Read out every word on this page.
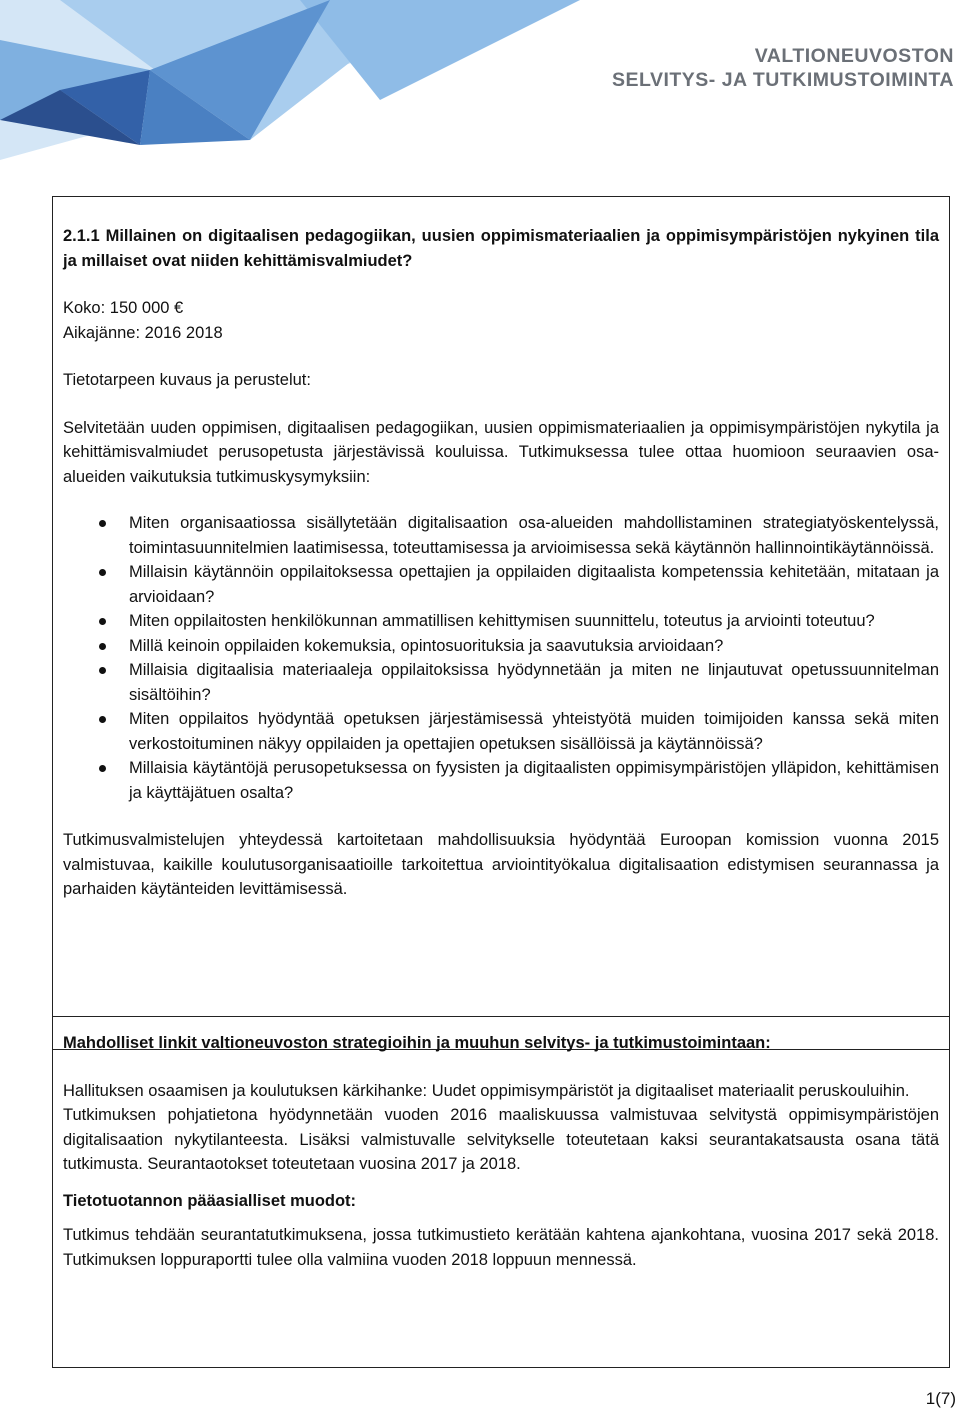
VALTIONEUVOSTON
SELVITYS- JA TUTKIMUSTOIMINTA
2.1.1 Millainen on digitaalisen pedagogiikan, uusien oppimismateriaalien ja oppimisympäristöjen nykyinen tila ja millaiset ovat niiden kehittämisvalmiudet?
Koko: 150 000 €
Aikajänne: 2016 2018
Tietotarpeen kuvaus ja perustelut:
Selvitetään uuden oppimisen, digitaalisen pedagogiikan, uusien oppimismateriaalien ja oppimisympäristöjen nykytila ja kehittämisvalmiudet perusopetusta järjestävissä kouluissa. Tutkimuksessa tulee ottaa huomioon seuraavien osa-alueiden vaikutuksia tutkimuskysymyksiin:
Miten organisaatiossa sisällytetään digitalisaation osa-alueiden mahdollistaminen strategiatyöskentelyssä, toimintasuunnitelmien laatimisessa, toteuttamisessa ja arvioimisessa sekä käytännön hallinnointikäytännöissä.
Millaisin käytännöin oppilaitoksessa opettajien ja oppilaiden digitaalista kompetenssia kehitetään, mitataan ja arvioidaan?
Miten oppilaitosten henkilökunnan ammatillisen kehittymisen suunnittelu, toteutus ja arviointi toteutuu?
Millä keinoin oppilaiden kokemuksia, opintosuorituksia ja saavutuksia arvioidaan?
Millaisia digitaalisia materiaaleja oppilaitoksissa hyödynnetään ja miten ne linjautuvat opetussuunnitelman sisältöihin?
Miten oppilaitos hyödyntää opetuksen järjestämisessä yhteistyötä muiden toimijoiden kanssa sekä miten verkostoituminen näkyy oppilaiden ja opettajien opetuksen sisällöissä ja käytännöissä?
Millaisia käytäntöjä perusopetuksessa on fyysisten ja digitaalisten oppimisympäristöjen ylläpidon, kehittämisen ja käyttäjätuen osalta?
Tutkimusvalmistelujen yhteydessä kartoitetaan mahdollisuuksia hyödyntää Euroopan komission vuonna 2015 valmistuvaa, kaikille koulutusorganisaatioille tarkoitettua arviointityökalua digitalisaation edistymisen seurannassa ja parhaiden käytänteiden levittämisessä.
Mahdolliset linkit valtioneuvoston strategioihin ja muuhun selvitys- ja tutkimustoimintaan:
Hallituksen osaamisen ja koulutuksen kärkihanke: Uudet oppimisympäristöt ja digitaaliset materiaalit peruskouluihin.
Tutkimuksen pohjatietona hyödynnetään vuoden 2016 maaliskuussa valmistuvaa selvitystä oppimisympäristöjen digitalisaation nykytilanteesta. Lisäksi valmistuvalle selvitykselle toteutetaan kaksi seurantakatsausta osana tätä tutkimusta. Seurantaotokset toteutetaan vuosina 2017 ja 2018.
Tietotuotannon pääasialliset muodot:
Tutkimus tehdään seurantatutkimuksena, jossa tutkimustieto kerätään kahtena ajankohtana, vuosina 2017 sekä 2018. Tutkimuksen loppuraportti tulee olla valmiina vuoden 2018 loppuun mennessä.
1(7)
